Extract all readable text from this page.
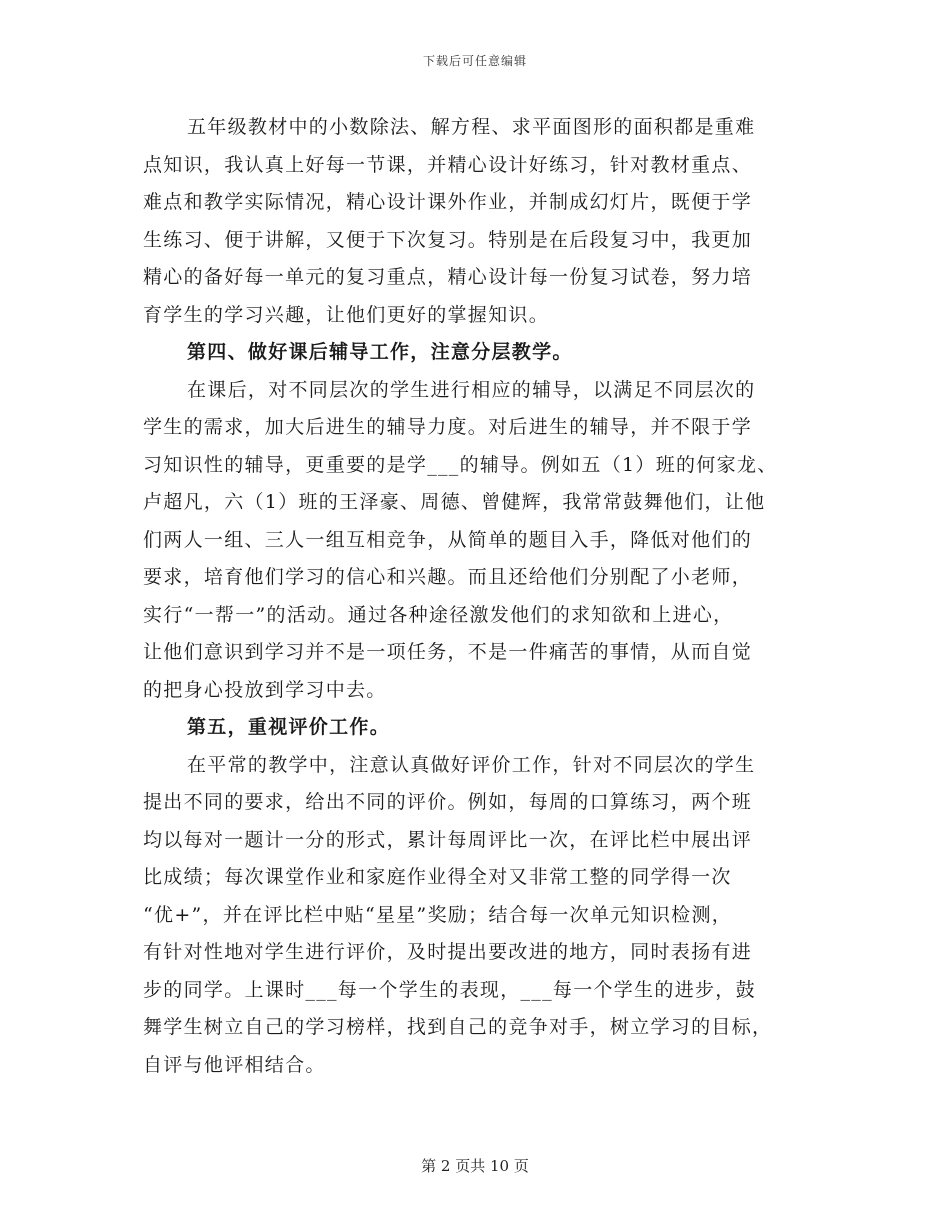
下载后可任意编辑
五年级教材中的小数除法、解方程、求平面图形的面积都是重难
点知识，我认真上好每一节课，并精心设计好练习，针对教材重点、
难点和教学实际情况，精心设计课外作业，并制成幻灯片，既便于学
生练习、便于讲解，又便于下次复习。特别是在后段复习中，我更加
精心的备好每一单元的复习重点，精心设计每一份复习试卷，努力培
育学生的学习兴趣，让他们更好的掌握知识。
第四、做好课后辅导工作，注意分层教学。
在课后，对不同层次的学生进行相应的辅导，以满足不同层次的
学生的需求，加大后进生的辅导力度。对后进生的辅导，并不限于学
习知识性的辅导，更重要的是学___的辅导。例如五（1）班的何家龙、
卢超凡，六（1）班的王泽豪、周德、曾健辉，我常常鼓舞他们，让他
们两人一组、三人一组互相竞争，从简单的题目入手，降低对他们的
要求，培育他们学习的信心和兴趣。而且还给他们分别配了小老师，
实行“一帮一”的活动。通过各种途径激发他们的求知欲和上进心，
让他们意识到学习并不是一项任务，不是一件痛苦的事情，从而自觉
的把身心投放到学习中去。
第五，重视评价工作。
在平常的教学中，注意认真做好评价工作，针对不同层次的学生
提出不同的要求，给出不同的评价。例如，每周的口算练习，两个班
均以每对一题计一分的形式，累计每周评比一次，在评比栏中展出评
比成绩；每次课堂作业和家庭作业得全对又非常工整的同学得一次
“优+”，并在评比栏中贴“星星”奖励；结合每一次单元知识检测，
有针对性地对学生进行评价，及时提出要改进的地方，同时表扬有进
步的同学。上课时___每一个学生的表现，___每一个学生的进步，鼓
舞学生树立自己的学习榜样，找到自己的竞争对手，树立学习的目标，
自评与他评相结合。
第 2 页共 10 页
